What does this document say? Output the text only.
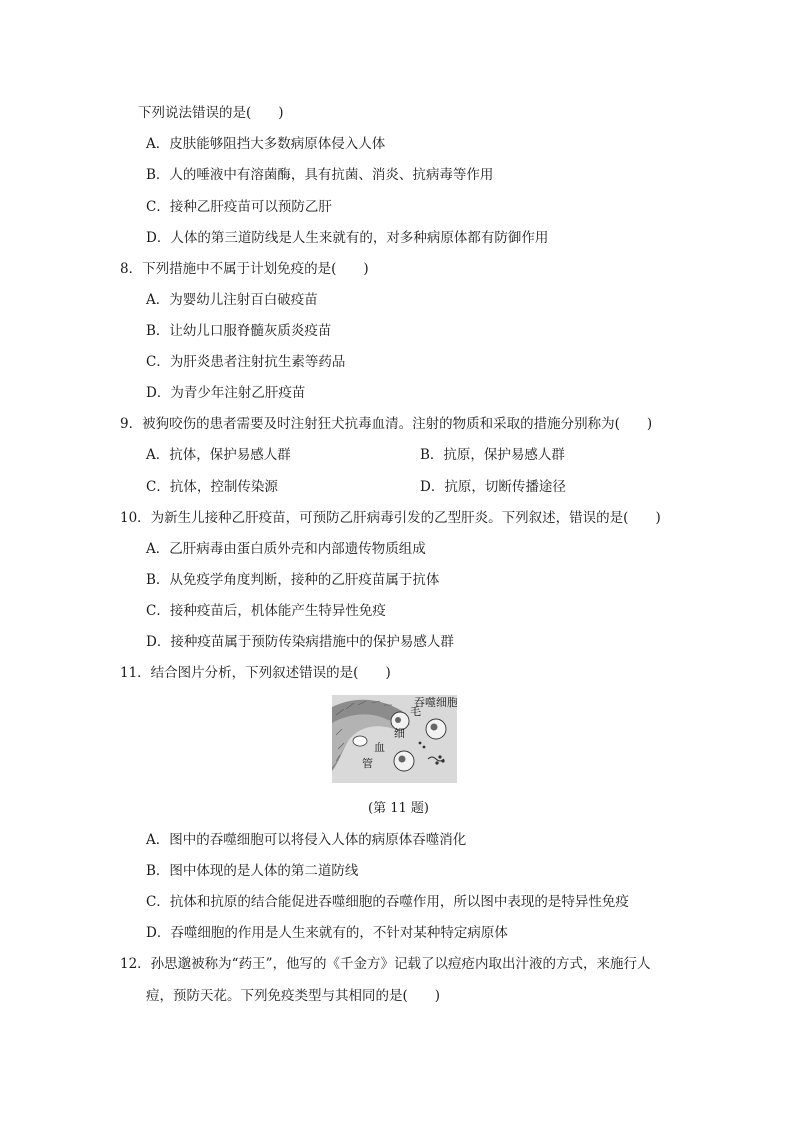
下列说法错误的是(　　)
A．皮肤能够阻挡大多数病原体侵入人体
B．人的唾液中有溶菌酶，具有抗菌、消炎、抗病毒等作用
C．接种乙肝疫苗可以预防乙肝
D．人体的第三道防线是人生来就有的，对多种病原体都有防御作用
8．下列措施中不属于计划免疫的是(　　)
A．为婴幼儿注射百白破疫苗
B．让幼儿口服脊髓灰质炎疫苗
C．为肝炎患者注射抗生素等药品
D．为青少年注射乙肝疫苗
9．被狗咬伤的患者需要及时注射狂犬抗毒血清。注射的物质和采取的措施分别称为(　　)
A．抗体，保护易感人群	B．抗原，保护易感人群
C．抗体，控制传染源	D．抗原，切断传播途径
10．为新生儿接种乙肝疫苗，可预防乙肝病毒引发的乙型肝炎。下列叙述，错误的是(　　)
A．乙肝病毒由蛋白质外壳和内部遗传物质组成
B．从免疫学角度判断，接种的乙肝疫苗属于抗体
C．接种疫苗后，机体能产生特异性免疫
D．接种疫苗属于预防传染病措施中的保护易感人群
11．结合图片分析，下列叙述错误的是(　　)
吞噬细胞
毛
细
血
管
(第 11 题)
A．图中的吞噬细胞可以将侵入人体的病原体吞噬消化
B．图中体现的是人体的第二道防线
C．抗体和抗原的结合能促进吞噬细胞的吞噬作用，所以图中表现的是特异性免疫
D．吞噬细胞的作用是人生来就有的，不针对某种特定病原体
12．孙思邈被称为“药王”，他写的《千金方》记载了以痘疮内取出汁液的方式，来施行人
痘，预防天花。下列免疫类型与其相同的是(　　)
